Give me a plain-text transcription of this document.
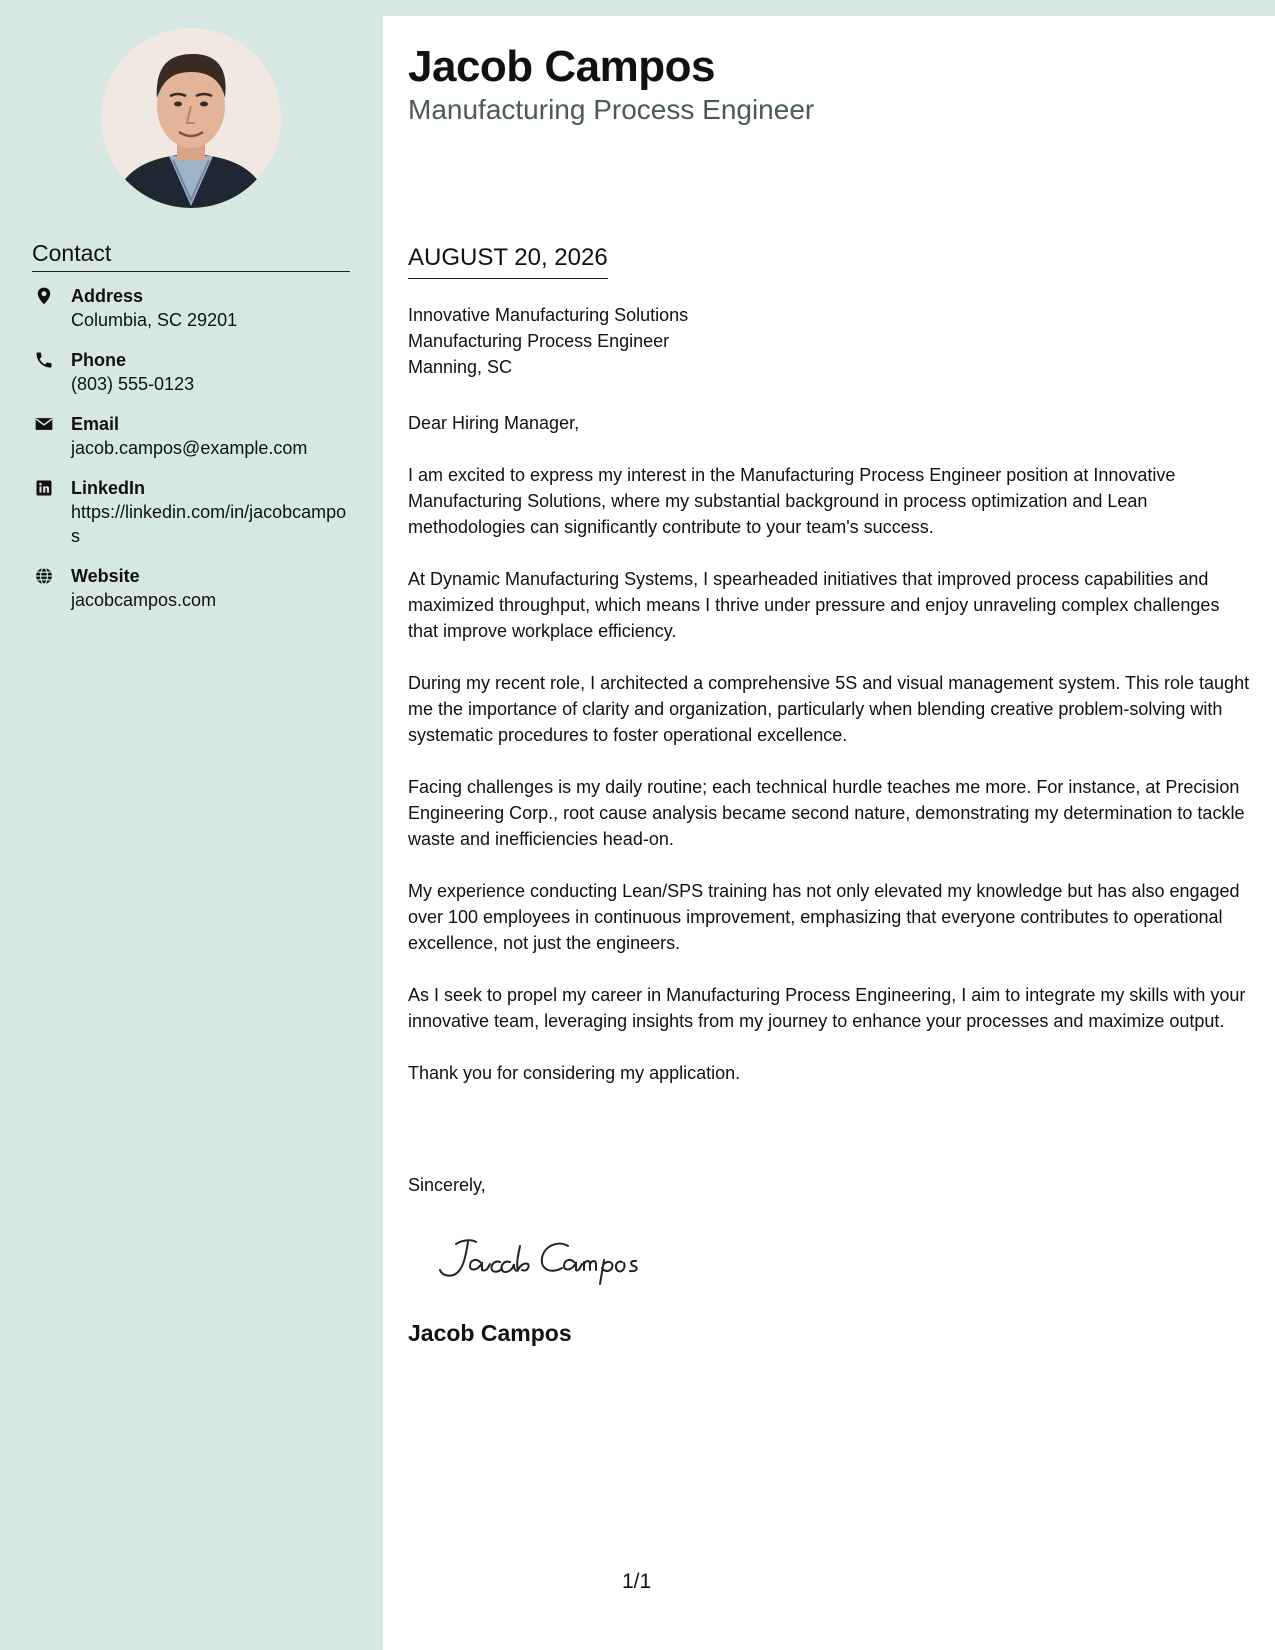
Contact
Address
Columbia, SC 29201
Phone
(803) 555-0123
Email
jacob.campos@example.com
LinkedIn
https://linkedin.com/in/jacobcampos
Website
jacobcampos.com
Jacob Campos
Manufacturing Process Engineer
AUGUST 20, 2026
Innovative Manufacturing Solutions
Manufacturing Process Engineer
Manning, SC

Dear Hiring Manager,

I am excited to express my interest in the Manufacturing Process Engineer position at Innovative Manufacturing Solutions, where my substantial background in process optimization and Lean methodologies can significantly contribute to your team's success.

At Dynamic Manufacturing Systems, I spearheaded initiatives that improved process capabilities and maximized throughput, which means I thrive under pressure and enjoy unraveling complex challenges that improve workplace efficiency.

During my recent role, I architected a comprehensive 5S and visual management system. This role taught me the importance of clarity and organization, particularly when blending creative problem-solving with systematic procedures to foster operational excellence.

Facing challenges is my daily routine; each technical hurdle teaches me more. For instance, at Precision Engineering Corp., root cause analysis became second nature, demonstrating my determination to tackle waste and inefficiencies head-on.

My experience conducting Lean/SPS training has not only elevated my knowledge but has also engaged over 100 employees in continuous improvement, emphasizing that everyone contributes to operational excellence, not just the engineers.

As I seek to propel my career in Manufacturing Process Engineering, I aim to integrate my skills with your innovative team, leveraging insights from my journey to enhance your processes and maximize output.

Thank you for considering my application.

Sincerely,
Jacob Campos
1/1
